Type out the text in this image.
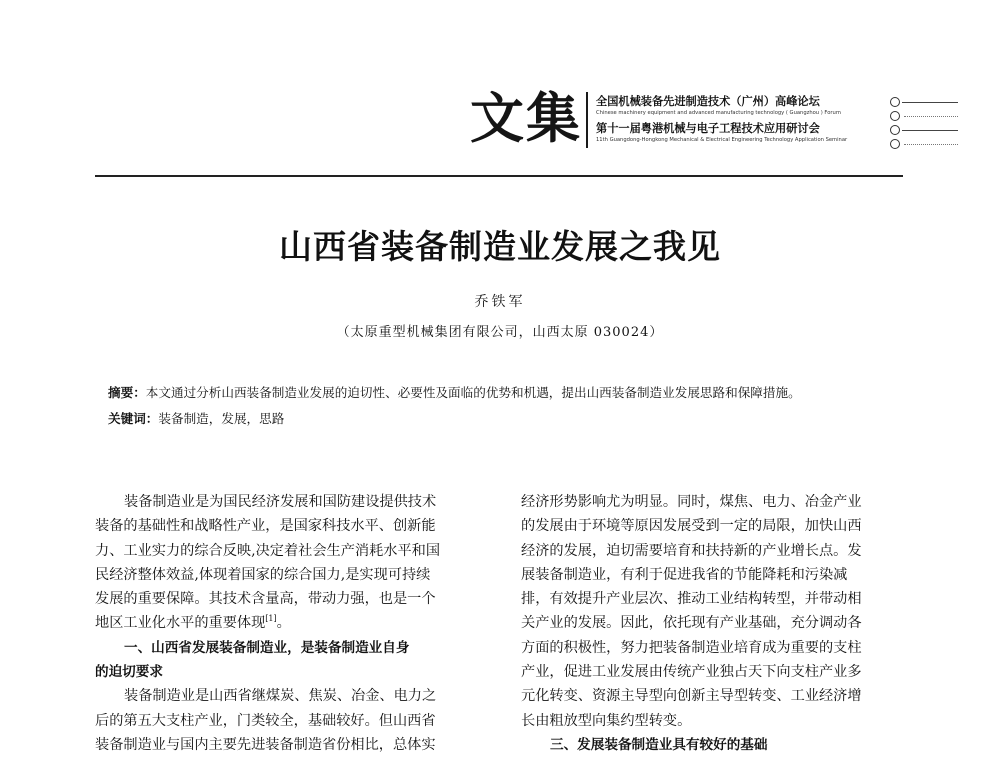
文集 全国机械装备先进制造技术（广州）高峰论坛
Chinese machinery equipment and advanced manufacturing technology ( Guangzhou ) Forum
第十一届粤港机械与电子工程技术应用研讨会
11th Guangdong-Hongkong Mechanical & Electrical Engineering Technology Application Seminar
山西省装备制造业发展之我见
乔铁军
（太原重型机械集团有限公司，山西太原 030024）
摘要：本文通过分析山西装备制造业发展的迫切性、必要性及面临的优势和机遇，提出山西装备制造业发展思路和保障措施。
关键词：装备制造，发展，思路
装备制造业是为国民经济发展和国防建设提供技术
装备的基础性和战略性产业，是国家科技水平、创新能
力、工业实力的综合反映,决定着社会生产消耗水平和国
民经济整体效益,体现着国家的综合国力,是实现可持续
发展的重要保障。其技术含量高，带动力强，也是一个
地区工业化水平的重要体现[1]。
一、山西省发展装备制造业，是装备制造业自身
的迫切要求
装备制造业是山西省继煤炭、焦炭、冶金、电力之
后的第五大支柱产业，门类较全，基础较好。但山西省
装备制造业与国内主要先进装备制造省份相比，总体实
经济形势影响尤为明显。同时，煤焦、电力、冶金产业
的发展由于环境等原因发展受到一定的局限，加快山西
经济的发展，迫切需要培育和扶持新的产业增长点。发
展装备制造业，有利于促进我省的节能降耗和污染减
排，有效提升产业层次、推动工业结构转型，并带动相
关产业的发展。因此，依托现有产业基础，充分调动各
方面的积极性，努力把装备制造业培育成为重要的支柱
产业，促进工业发展由传统产业独占天下向支柱产业多
元化转变、资源主导型向创新主导型转变、工业经济增
长由粗放型向集约型转变。
三、发展装备制造业具有较好的基础
